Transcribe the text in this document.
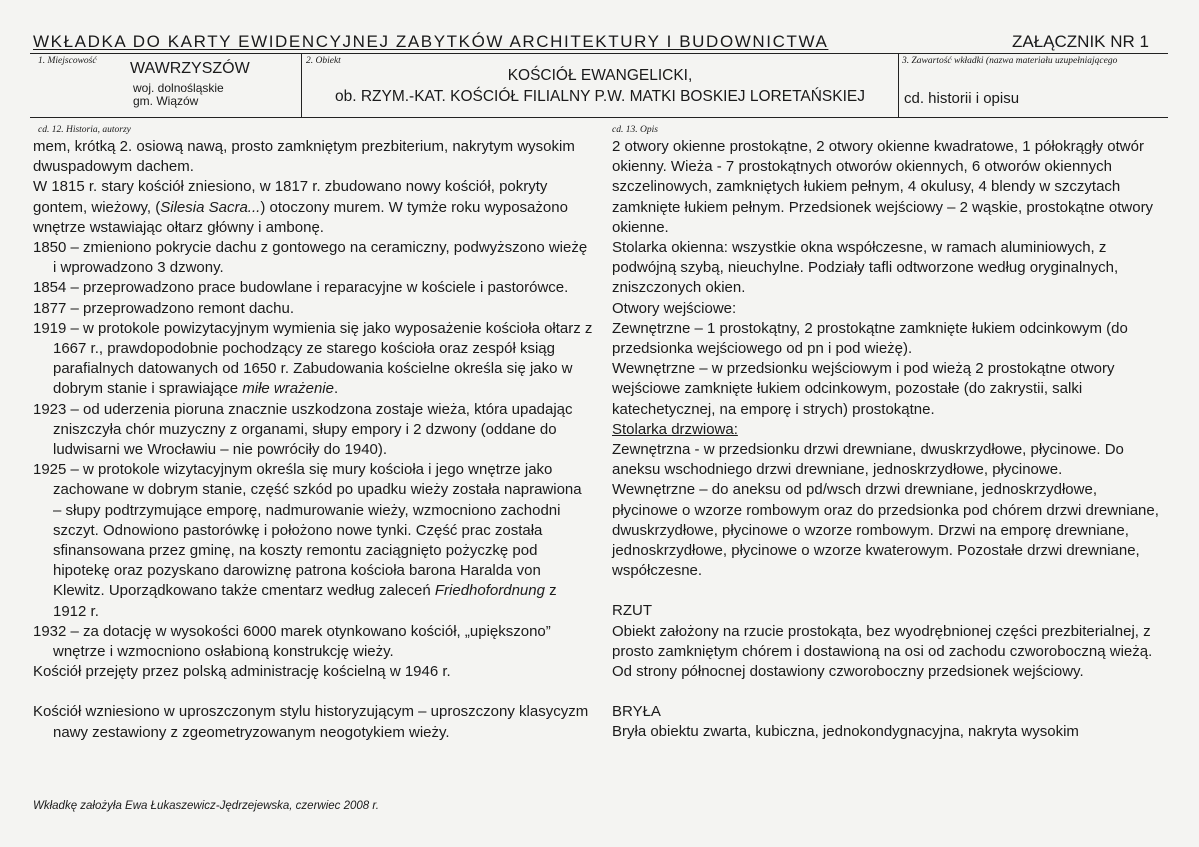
WKŁADKA DO KARTY EWIDENCYJNEJ ZABYTKÓW ARCHITEKTURY I BUDOWNICTWA	ZAŁĄCZNIK NR 1
1. Miejscowość WAWRZYSZÓW
woj. dolnośląskie
gm. Wiązów
2. Obiekt
KOŚCIÓŁ EWANGELICKI,
ob. RZYM.-KAT. KOŚCIÓŁ FILIALNY P.W. MATKI BOSKIEJ LORETAŃSKIEJ
3. Zawartość wkładki (nazwa materiału uzupełniającego
cd. historii i opisu
cd. 12. Historia, autorzy

mem, krótką 2. osiową nawą, prosto zamkniętym prezbiterium, nakrytym wysokim dwuspadowym dachem.

W 1815 r. stary kościół zniesiono, w 1817 r. zbudowano nowy kościół, pokryty gontem, wieżowy, (Silesia Sacra...) otoczony murem. W tymże roku wyposażono wnętrze wstawiając ołtarz główny i ambonę.

1850 – zmieniono pokrycie dachu z gontowego na ceramiczny, podwyższono wieżę i wprowadzono 3 dzwony.

1854 – przeprowadzono prace budowlane i reparacyjne w kościele i pastorówce.

1877 – przeprowadzono remont dachu.

1919 – w protokole powizytacyjnym wymienia się jako wyposażenie kościoła ołtarz z 1667 r., prawdopodobnie pochodzący ze starego kościoła oraz zespół ksiąg parafialnych datowanych od 1650 r. Zabudowania kościelne określa się jako w dobrym stanie i sprawiające miłe wrażenie.

1923 – od uderzenia pioruna znacznie uszkodzona zostaje wieża, która upadając zniszczyła chór muzyczny z organami, słupy empory i 2 dzwony (oddane do ludwisarni we Wrocławiu – nie powróciły do 1940).

1925 – w protokole wizytacyjnym określa się mury kościoła i jego wnętrze jako zachowane w dobrym stanie, część szkód po upadku wieży została naprawiona – słupy podtrzymujące emporę, nadmurowanie wieży, wzmocniono zachodni szczyt. Odnowiono pastorówkę i położono nowe tynki. Część prac została sfinansowana przez gminę, na koszty remontu zaciągnięto pożyczkę pod hipotekę oraz pozyskano darowiznę patrona kościoła barona Haralda von Klewitz. Uporządkowano także cmentarz według zaleceń Friedhofordnung z 1912 r.

1932 – za dotację w wysokości 6000 marek otynkowano kościół, „upiększono” wnętrze i wzmocniono osłabioną konstrukcję wieży.

Kościół przejęty przez polską administrację kościelną w 1946 r.

Kościół wzniesiono w uproszczonym stylu historyzującym – uproszczony klasycyzm nawy zestawiony z zgeometryzowanym neogotykiem wieży.

cd. 13. Opis

2 otwory okienne prostokątne, 2 otwory okienne kwadratowe, 1 półokrągły otwór okienny. Wieża - 7 prostokątnych otworów okiennych, 6 otworów okiennych szczelinowych, zamkniętych łukiem pełnym, 4 okulusy, 4 blendy w szczytach zamknięte łukiem pełnym. Przedsionek wejściowy – 2 wąskie, prostokątne otwory okienne.

Stolarka okienna: wszystkie okna współczesne, w ramach aluminiowych, z podwójną szybą, nieuchylne. Podziały tafli odtworzone według oryginalnych, zniszczonych okien.

Otwory wejściowe:

Zewnętrzne – 1 prostokątny, 2 prostokątne zamknięte łukiem odcinkowym (do przedsionka wejściowego od pn i pod wieżę).

Wewnętrzne – w przedsionku wejściowym i pod wieżą 2 prostokątne otwory wejściowe zamknięte łukiem odcinkowym, pozostałe (do zakrystii, salki katechetycznej, na emporę i strych) prostokątne.

Stolarka drzwiowa:

Zewnętrzna - w przedsionku drzwi drewniane, dwuskrzydłowe, płycinowe. Do aneksu wschodniego drzwi drewniane, jednoskrzydłowe, płycinowe.

Wewnętrzne – do aneksu od pd/wsch drzwi drewniane, jednoskrzydłowe, płycinowe o wzorze rombowym oraz do przedsionka pod chórem drzwi drewniane, dwuskrzydłowe, płycinowe o wzorze rombowym. Drzwi na emporę drewniane, jednoskrzydłowe, płycinowe o wzorze kwaterowym. Pozostałe drzwi drewniane, współczesne.

RZUT

Obiekt założony na rzucie prostokąta, bez wyodrębnionej części prezbiterialnej, z prosto zamkniętym chórem i dostawioną na osi od zachodu czworoboczną wieżą. Od strony północnej dostawiony czworoboczny przedsionek wejściowy.

BRYŁA

Bryła obiektu zwarta, kubiczna, jednokondygnacyjna, nakryta wysokim

Wkładkę założyła Ewa Łukaszewicz-Jędrzejewska, czerwiec 2008 r.
